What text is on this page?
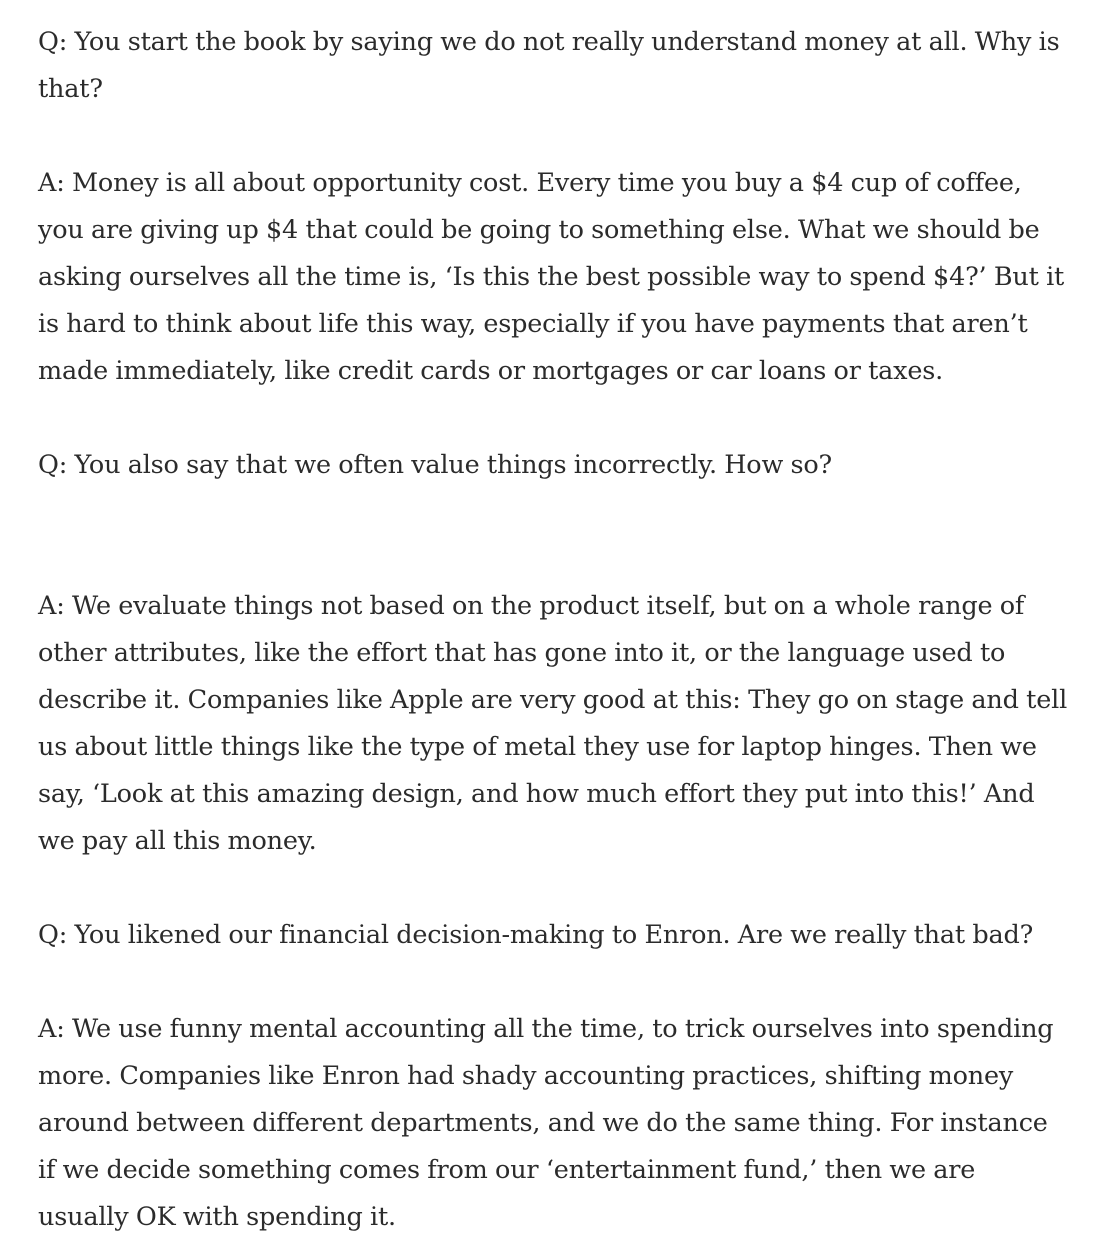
Q: You start the book by saying we do not really understand money at all. Why is that?

A: Money is all about opportunity cost. Every time you buy a $4 cup of coffee, you are giving up $4 that could be going to something else. What we should be asking ourselves all the time is, ‘Is this the best possible way to spend $4?’ But it is hard to think about life this way, especially if you have payments that aren’t made immediately, like credit cards or mortgages or car loans or taxes.

Q: You also say that we often value things incorrectly. How so?

A: We evaluate things not based on the product itself, but on a whole range of other attributes, like the effort that has gone into it, or the language used to describe it. Companies like Apple are very good at this: They go on stage and tell us about little things like the type of metal they use for laptop hinges. Then we say, ‘Look at this amazing design, and how much effort they put into this!’ And we pay all this money.

Q: You likened our financial decision-making to Enron. Are we really that bad?

A: We use funny mental accounting all the time, to trick ourselves into spending more. Companies like Enron had shady accounting practices, shifting money around between different departments, and we do the same thing. For instance if we decide something comes from our ‘entertainment fund,’ then we are usually OK with spending it.
